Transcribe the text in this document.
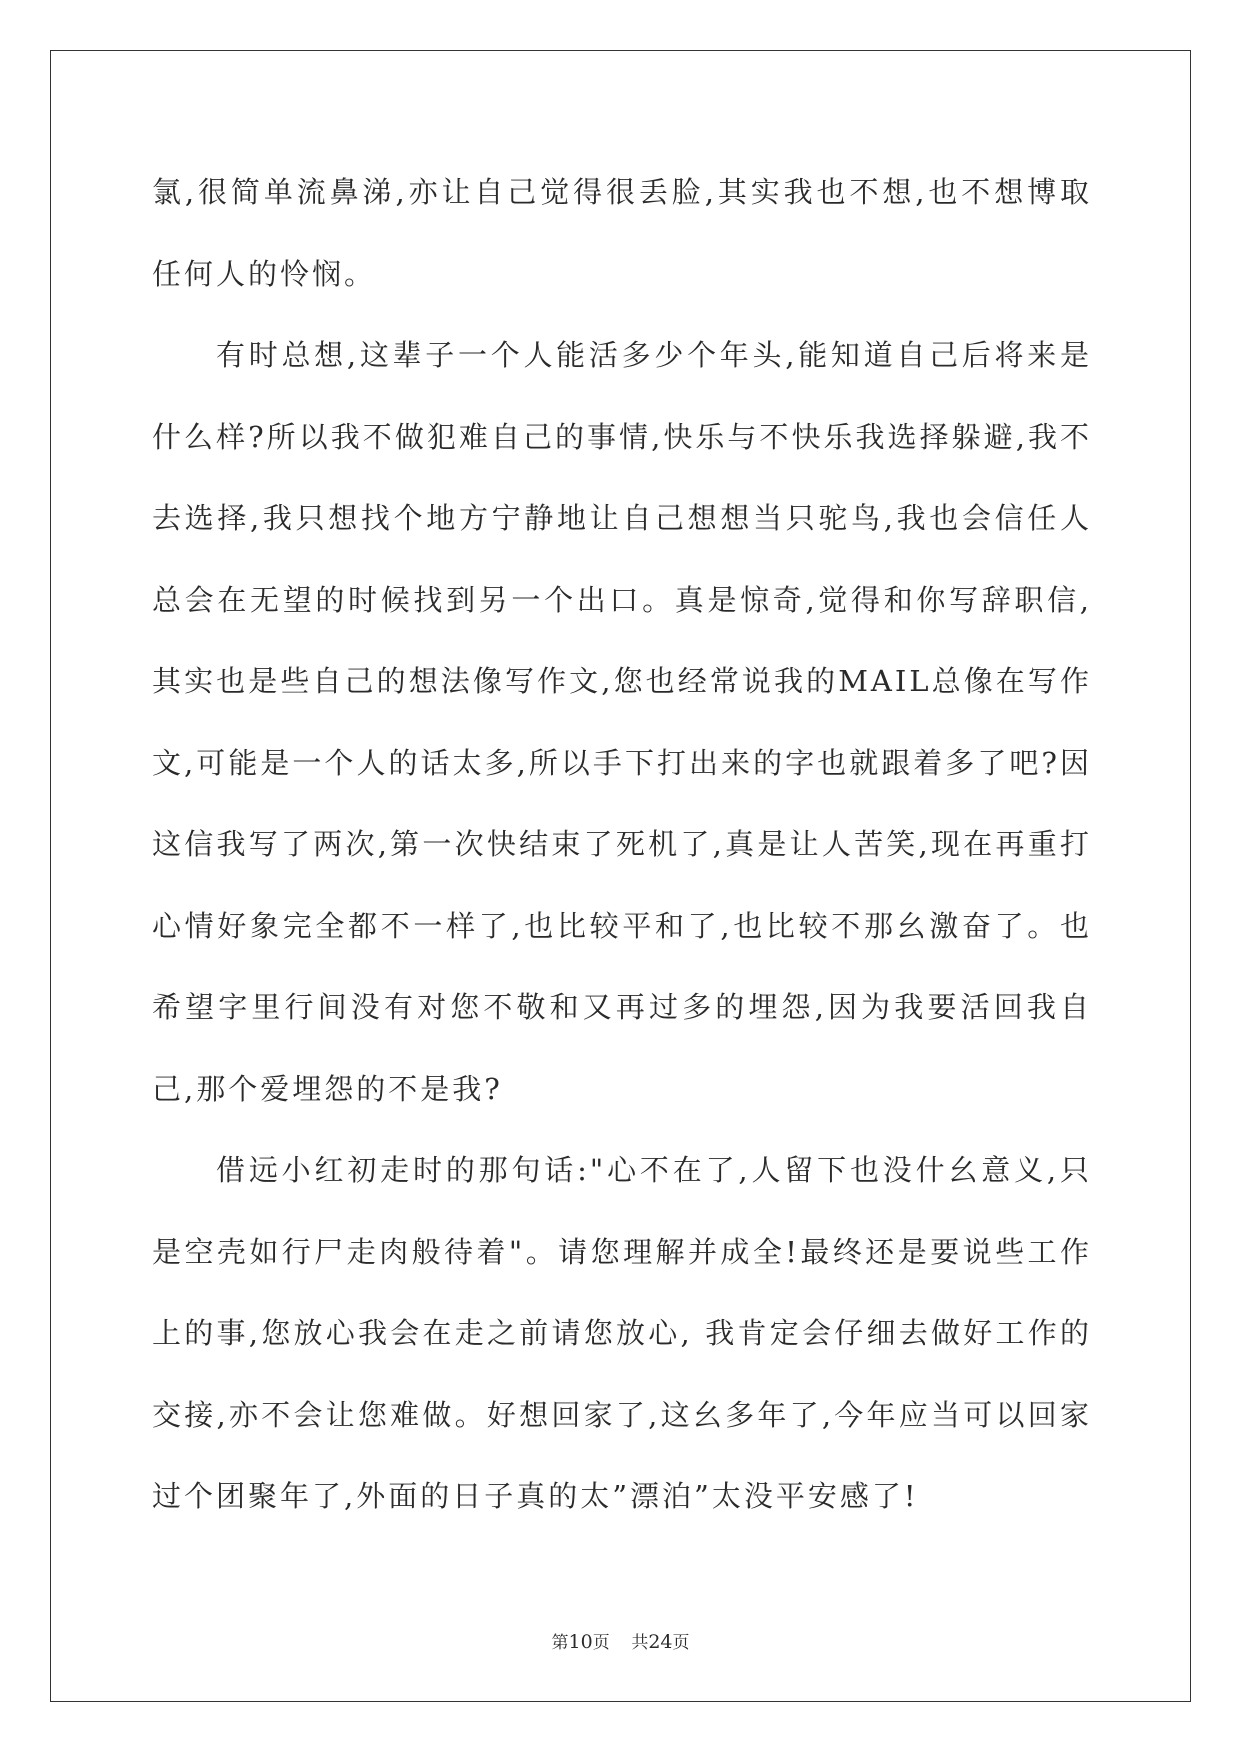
氯,很简单流鼻涕,亦让自己觉得很丢脸,其实我也不想,也不想博取任何人的怜悯。

有时总想,这辈子一个人能活多少个年头,能知道自己后将来是什么样?所以我不做犯难自己的事情,快乐与不快乐我选择躲避,我不去选择,我只想找个地方宁静地让自己想想当只驼鸟,我也会信任人总会在无望的时候找到另一个出口。真是惊奇,觉得和你写辞职信,其实也是些自己的想法像写作文,您也经常说我的MAIL总像在写作文,可能是一个人的话太多,所以手下打出来的字也就跟着多了吧?因这信我写了两次,第一次快结束了死机了,真是让人苦笑,现在再重打心情好象完全都不一样了,也比较平和了,也比较不那幺激奋了。也希望字里行间没有对您不敬和又再过多的埋怨,因为我要活回我自己,那个爱埋怨的不是我?

借远小红初走时的那句话:"心不在了,人留下也没什幺意义,只是空壳如行尸走肉般待着"。请您理解并成全!最终还是要说些工作上的事,您放心我会在走之前请您放心, 我肯定会仔细去做好工作的交接,亦不会让您难做。好想回家了,这幺多年了,今年应当可以回家过个团聚年了,外面的日子真的太”漂泊”太没平安感了!

第10页 共24页
